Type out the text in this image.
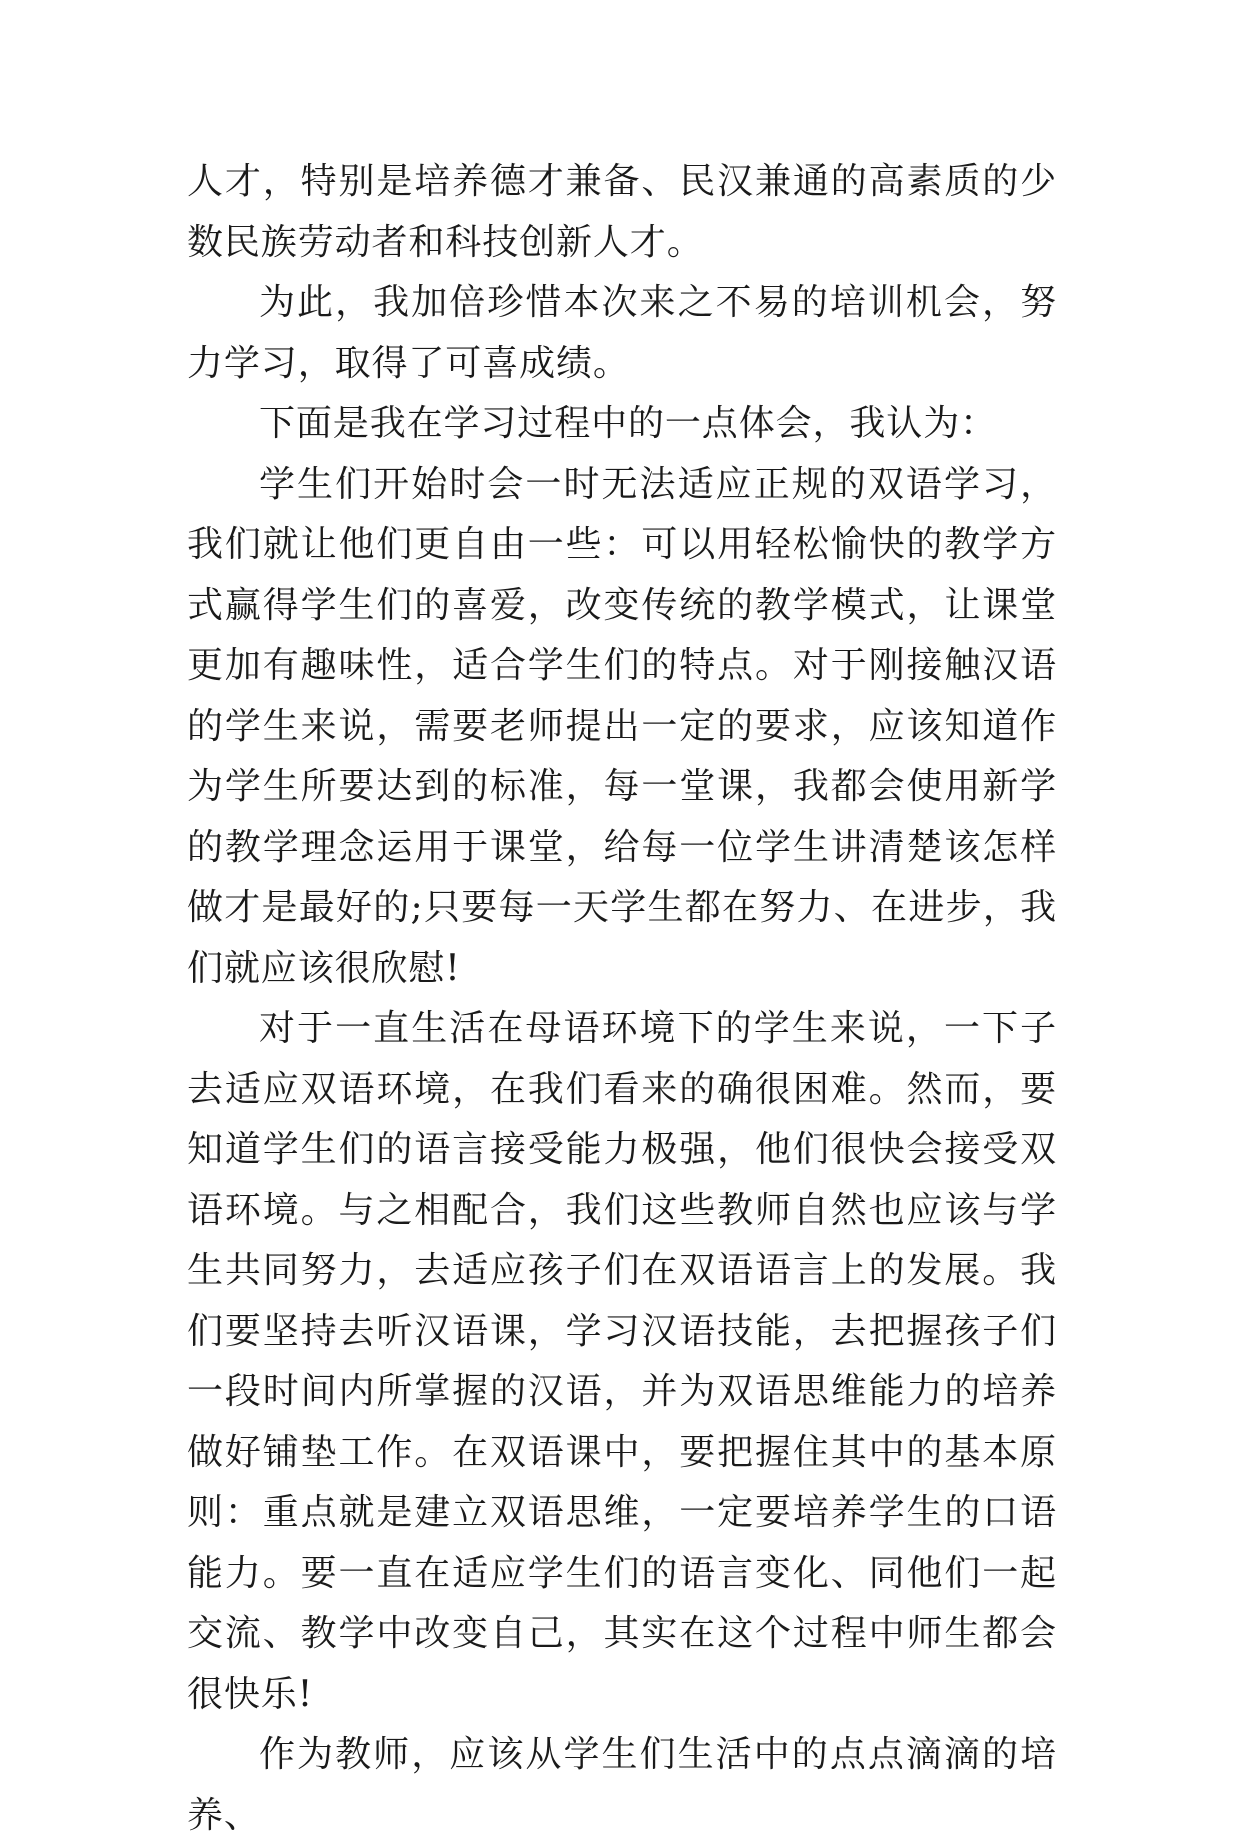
人才，特别是培养德才兼备、民汉兼通的高素质的少数民族劳动者和科技创新人才。

为此，我加倍珍惜本次来之不易的培训机会，努力学习，取得了可喜成绩。

下面是我在学习过程中的一点体会，我认为：

学生们开始时会一时无法适应正规的双语学习，我们就让他们更自由一些：可以用轻松愉快的教学方式赢得学生们的喜爱，改变传统的教学模式，让课堂更加有趣味性，适合学生们的特点。对于刚接触汉语的学生来说，需要老师提出一定的要求，应该知道作为学生所要达到的标准，每一堂课，我都会使用新学的教学理念运用于课堂，给每一位学生讲清楚该怎样做才是最好的;只要每一天学生都在努力、在进步，我们就应该很欣慰!

对于一直生活在母语环境下的学生来说，一下子去适应双语环境，在我们看来的确很困难。然而，要知道学生们的语言接受能力极强，他们很快会接受双语环境。与之相配合，我们这些教师自然也应该与学生共同努力，去适应孩子们在双语语言上的发展。我们要坚持去听汉语课，学习汉语技能，去把握孩子们一段时间内所掌握的汉语，并为双语思维能力的培养做好铺垫工作。在双语课中，要把握住其中的基本原则：重点就是建立双语思维，一定要培养学生的口语能力。要一直在适应学生们的语言变化、同他们一起交流、教学中改变自己，其实在这个过程中师生都会很快乐!

作为教师，应该从学生们生活中的点点滴滴的培养、
